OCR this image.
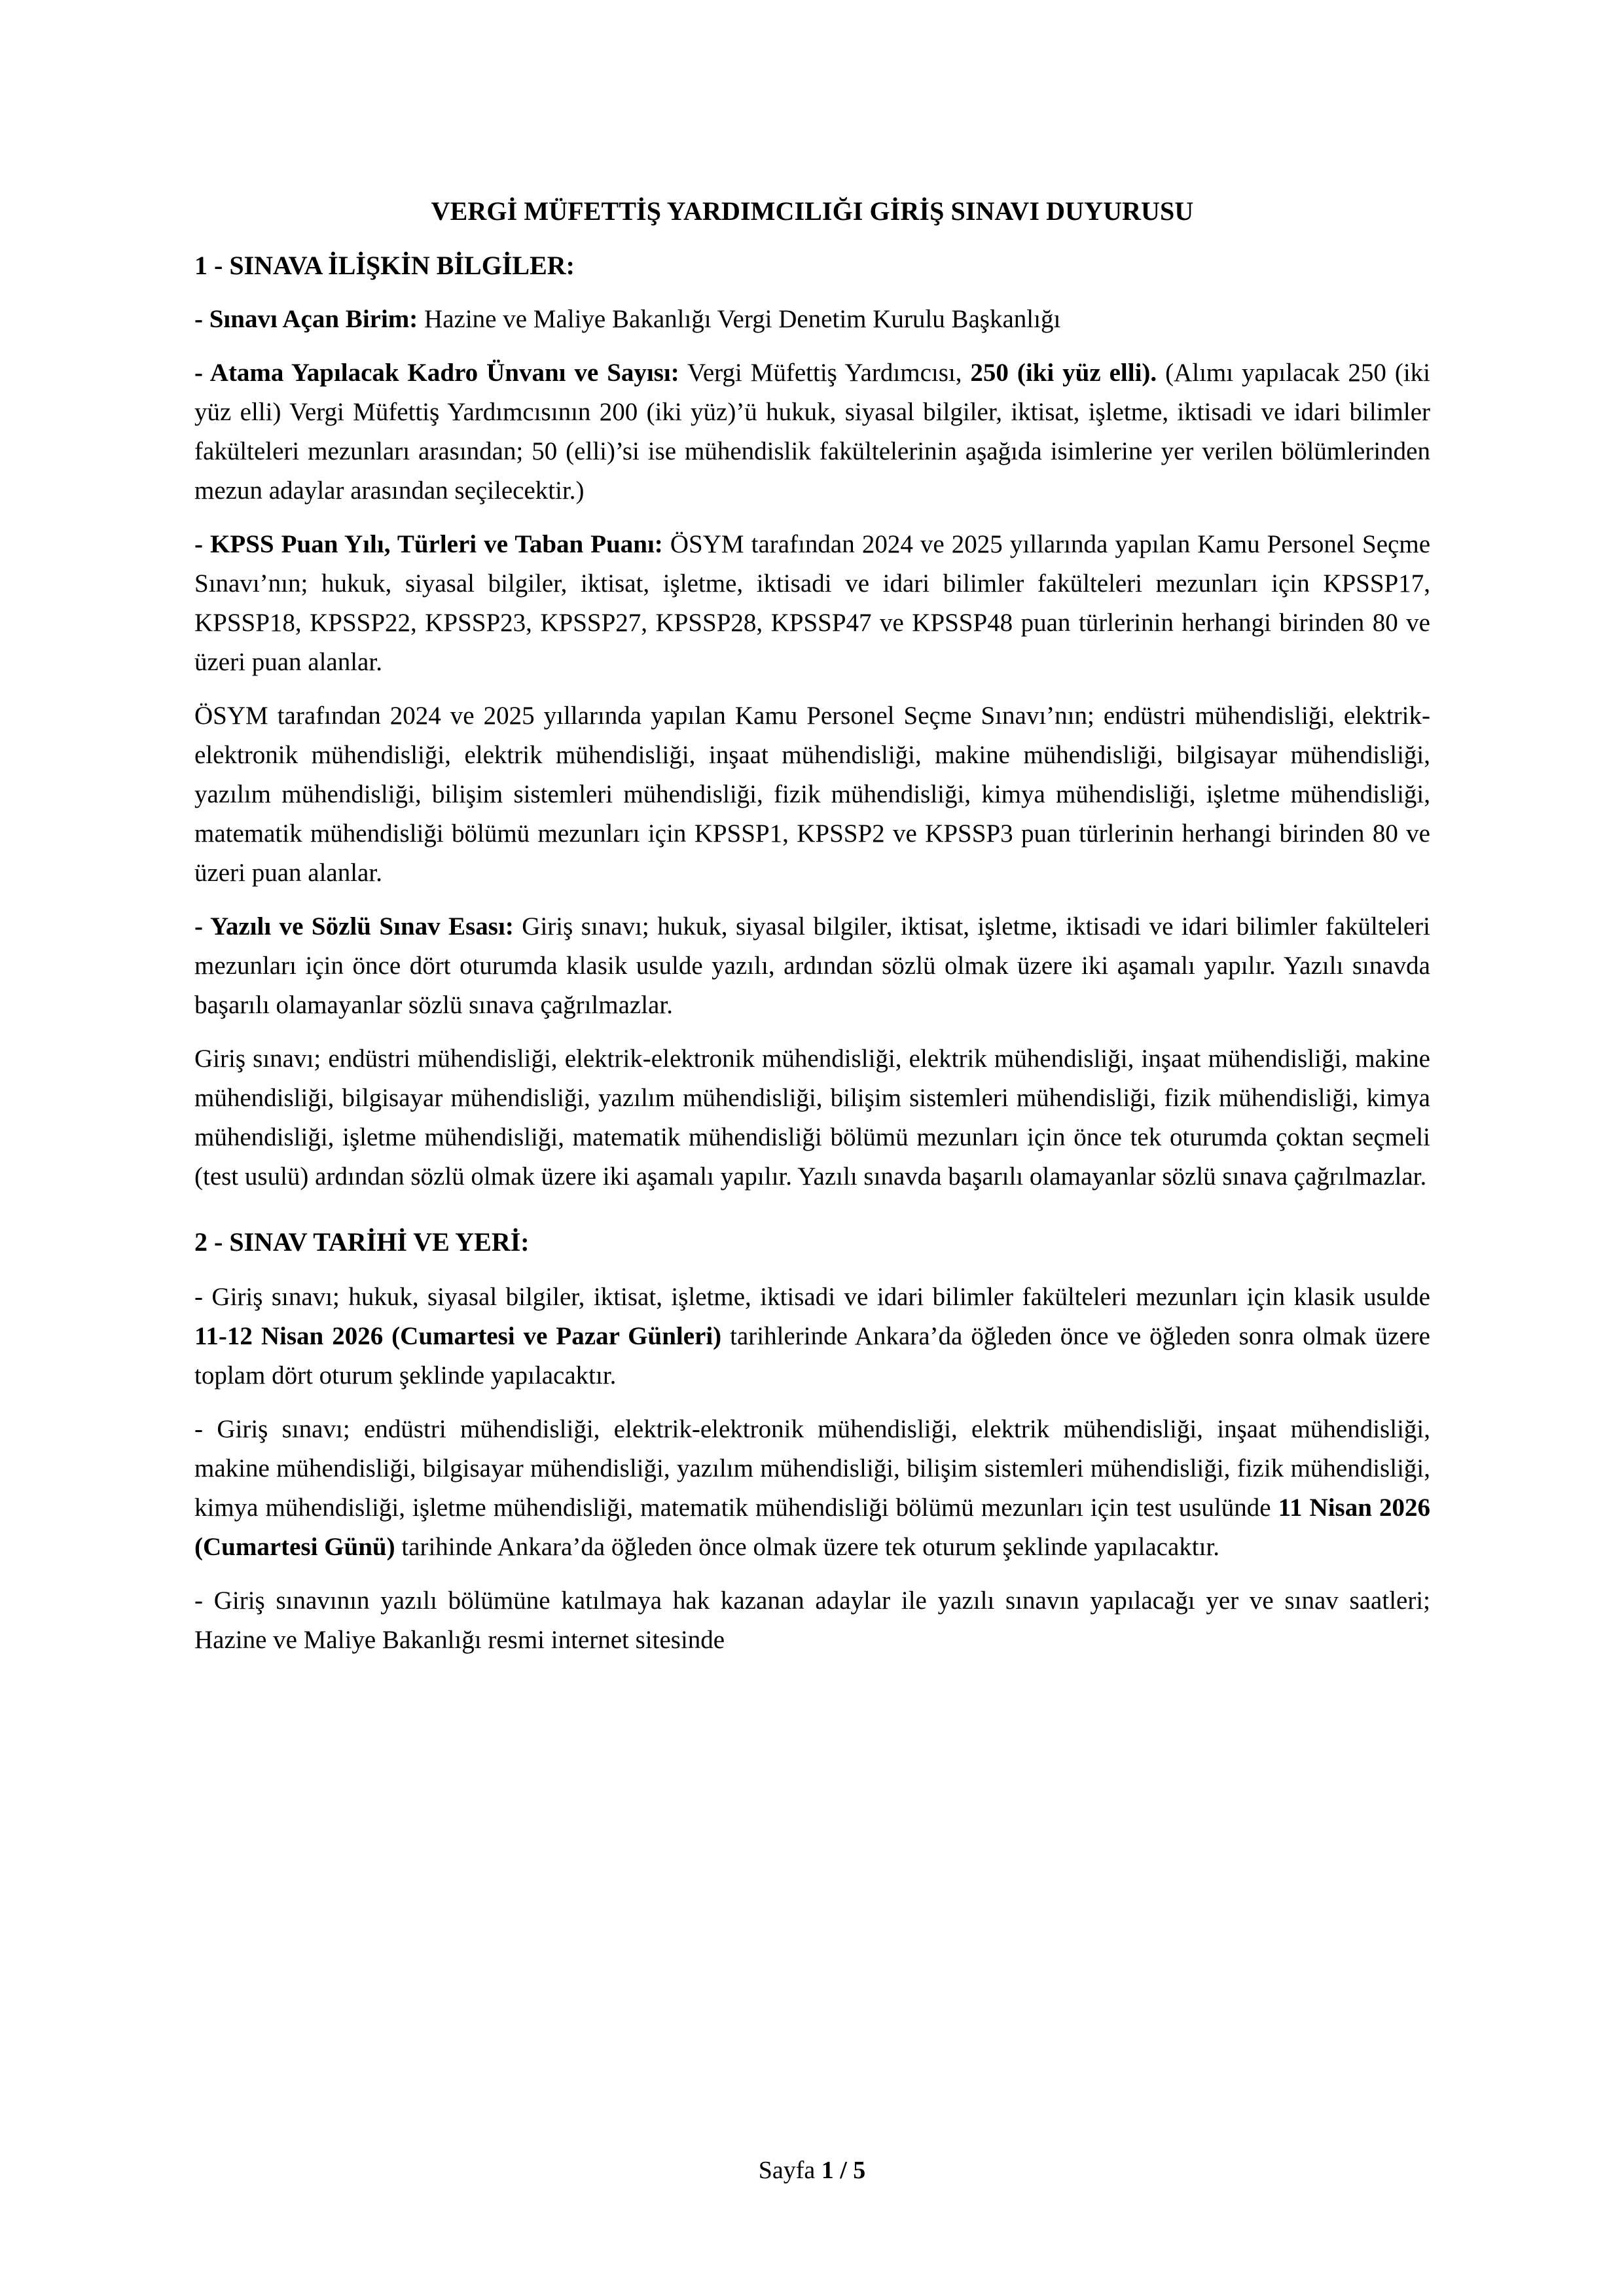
VERGİ MÜFETTİŞ YARDIMCILIĞI GİRİŞ SINAVI DUYURUSU
1 - SINAVA İLİŞKİN BİLGİLER:

- Sınavı Açan Birim: Hazine ve Maliye Bakanlığı Vergi Denetim Kurulu Başkanlığı

- Atama Yapılacak Kadro Ünvanı ve Sayısı: Vergi Müfettiş Yardımcısı, 250 (iki yüz elli). (Alımı yapılacak 250 (iki yüz elli) Vergi Müfettiş Yardımcısının 200 (iki yüz)’ü hukuk, siyasal bilgiler, iktisat, işletme, iktisadi ve idari bilimler fakülteleri mezunları arasından; 50 (elli)’si ise mühendislik fakültelerinin aşağıda isimlerine yer verilen bölümlerinden mezun adaylar arasından seçilecektir.)

- KPSS Puan Yılı, Türleri ve Taban Puanı: ÖSYM tarafından 2024 ve 2025 yıllarında yapılan Kamu Personel Seçme Sınavı’nın; hukuk, siyasal bilgiler, iktisat, işletme, iktisadi ve idari bilimler fakülteleri mezunları için KPSSP17, KPSSP18, KPSSP22, KPSSP23, KPSSP27, KPSSP28, KPSSP47 ve KPSSP48 puan türlerinin herhangi birinden 80 ve üzeri puan alanlar.

ÖSYM tarafından 2024 ve 2025 yıllarında yapılan Kamu Personel Seçme Sınavı’nın; endüstri mühendisliği, elektrik-elektronik mühendisliği, elektrik mühendisliği, inşaat mühendisliği, makine mühendisliği, bilgisayar mühendisliği, yazılım mühendisliği, bilişim sistemleri mühendisliği, fizik mühendisliği, kimya mühendisliği, işletme mühendisliği, matematik mühendisliği bölümü mezunları için KPSSP1, KPSSP2 ve KPSSP3 puan türlerinin herhangi birinden 80 ve üzeri puan alanlar.

- Yazılı ve Sözlü Sınav Esası: Giriş sınavı; hukuk, siyasal bilgiler, iktisat, işletme, iktisadi ve idari bilimler fakülteleri mezunları için önce dört oturumda klasik usulde yazılı, ardından sözlü olmak üzere iki aşamalı yapılır. Yazılı sınavda başarılı olamayanlar sözlü sınava çağrılmazlar.

Giriş sınavı; endüstri mühendisliği, elektrik-elektronik mühendisliği, elektrik mühendisliği, inşaat mühendisliği, makine mühendisliği, bilgisayar mühendisliği, yazılım mühendisliği, bilişim sistemleri mühendisliği, fizik mühendisliği, kimya mühendisliği, işletme mühendisliği, matematik mühendisliği bölümü mezunları için önce tek oturumda çoktan seçmeli (test usulü) ardından sözlü olmak üzere iki aşamalı yapılır. Yazılı sınavda başarılı olamayanlar sözlü sınava çağrılmazlar.

2 - SINAV TARİHİ VE YERİ:

- Giriş sınavı; hukuk, siyasal bilgiler, iktisat, işletme, iktisadi ve idari bilimler fakülteleri mezunları için klasik usulde 11-12 Nisan 2026 (Cumartesi ve Pazar Günleri) tarihlerinde Ankara’da öğleden önce ve öğleden sonra olmak üzere toplam dört oturum şeklinde yapılacaktır.

- Giriş sınavı; endüstri mühendisliği, elektrik-elektronik mühendisliği, elektrik mühendisliği, inşaat mühendisliği, makine mühendisliği, bilgisayar mühendisliği, yazılım mühendisliği, bilişim sistemleri mühendisliği, fizik mühendisliği, kimya mühendisliği, işletme mühendisliği, matematik mühendisliği bölümü mezunları için test usulünde 11 Nisan 2026 (Cumartesi Günü) tarihinde Ankara’da öğleden önce olmak üzere tek oturum şeklinde yapılacaktır.

- Giriş sınavının yazılı bölümüne katılmaya hak kazanan adaylar ile yazılı sınavın yapılacağı yer ve sınav saatleri; Hazine ve Maliye Bakanlığı resmi internet sitesinde

Sayfa 1 / 5
